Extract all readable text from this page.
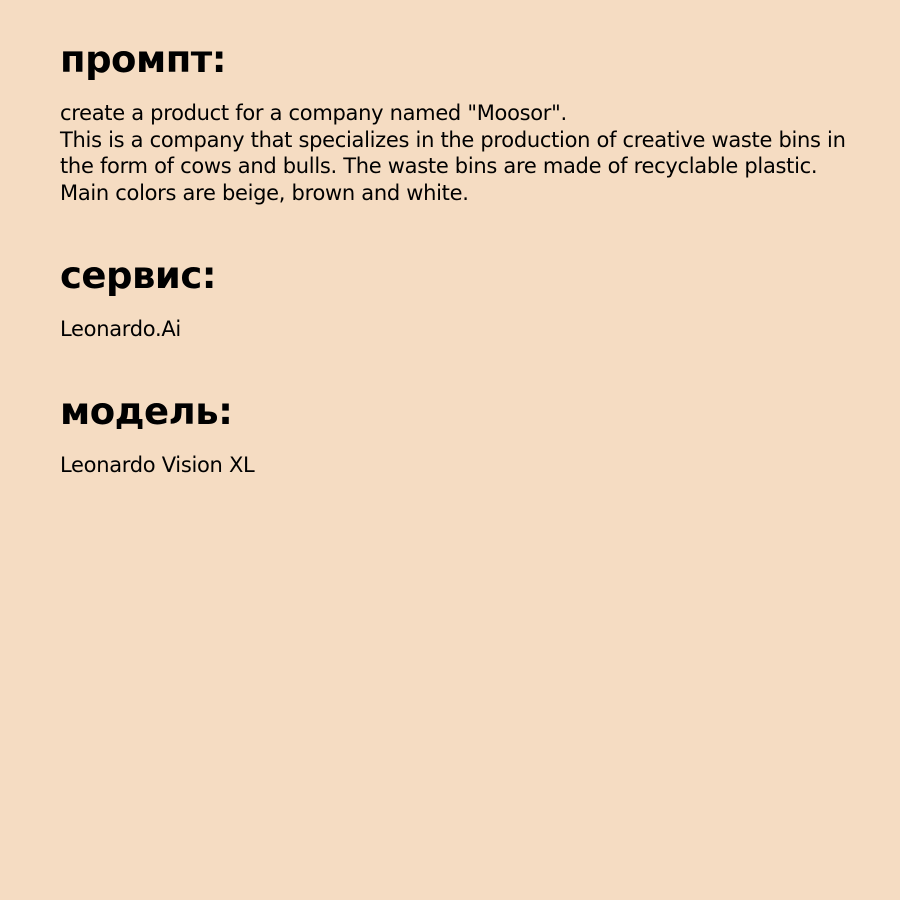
промпт:

create a product for a company named "Moosor".

This is a company that specializes in the production of creative waste bins in the form of cows and bulls. The waste bins are made of recyclable plastic. Main colors are beige, brown and white.

сервис:
Leonardo.Ai
модель:
Leonardo Vision XL
